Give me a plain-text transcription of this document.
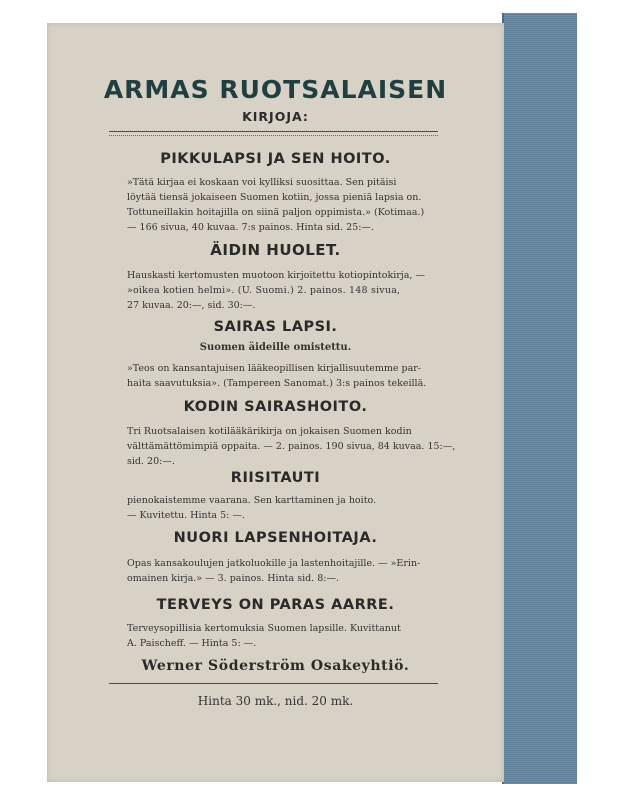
ARMAS RUOTSALAISEN
KIRJOJA:
PIKKULAPSI JA SEN HOITO.
»Tätä kirjaa ei koskaan voi kylliksi suosittaa. Sen pitäisi
löytää tiensä jokaiseen Suomen kotiin, jossa pieniä lapsia on.
Tottuneillakin hoitajilla on siinä paljon oppimista.» (Kotimaa.)
— 166 sivua, 40 kuvaa. 7:s painos. Hinta sid. 25:—.
ÄIDIN HUOLET.
Hauskasti kertomusten muotoon kirjoitettu kotiopintokirja, —
»oikea kotien helmi». (U. Suomi.) 2. painos. 148 sivua,
27 kuvaa. 20:—, sid. 30:—.
SAIRAS LAPSI.
Suomen äideille omistettu.
»Teos on kansantajuisen lääkeopillisen kirjallisuutemme par-
haita saavutuksia». (Tampereen Sanomat.) 3:s painos tekeillä.
KODIN SAIRASHOITO.
Tri Ruotsalaisen kotilääkärikirja on jokaisen Suomen kodin
välttämättömimpiä oppaita. — 2. painos. 190 sivua, 84 kuvaa. 15:—,
sid. 20:—.
RIISITAUTI
pienokaistemme vaarana. Sen karttaminen ja hoito.
— Kuvitettu. Hinta 5: —.
NUORI LAPSENHOITAJA.
Opas kansakoulujen jatkoluokille ja lastenhoitajille. — »Erin-
omainen kirja.» — 3. painos. Hinta sid. 8:—.
TERVEYS ON PARAS AARRE.
Terveysopillisia kertomuksia Suomen lapsille. Kuvittanut
A. Paischeff. — Hinta 5: —.
Werner Söderström Osakeyhtiö.
Hinta 30 mk., nid. 20 mk.
